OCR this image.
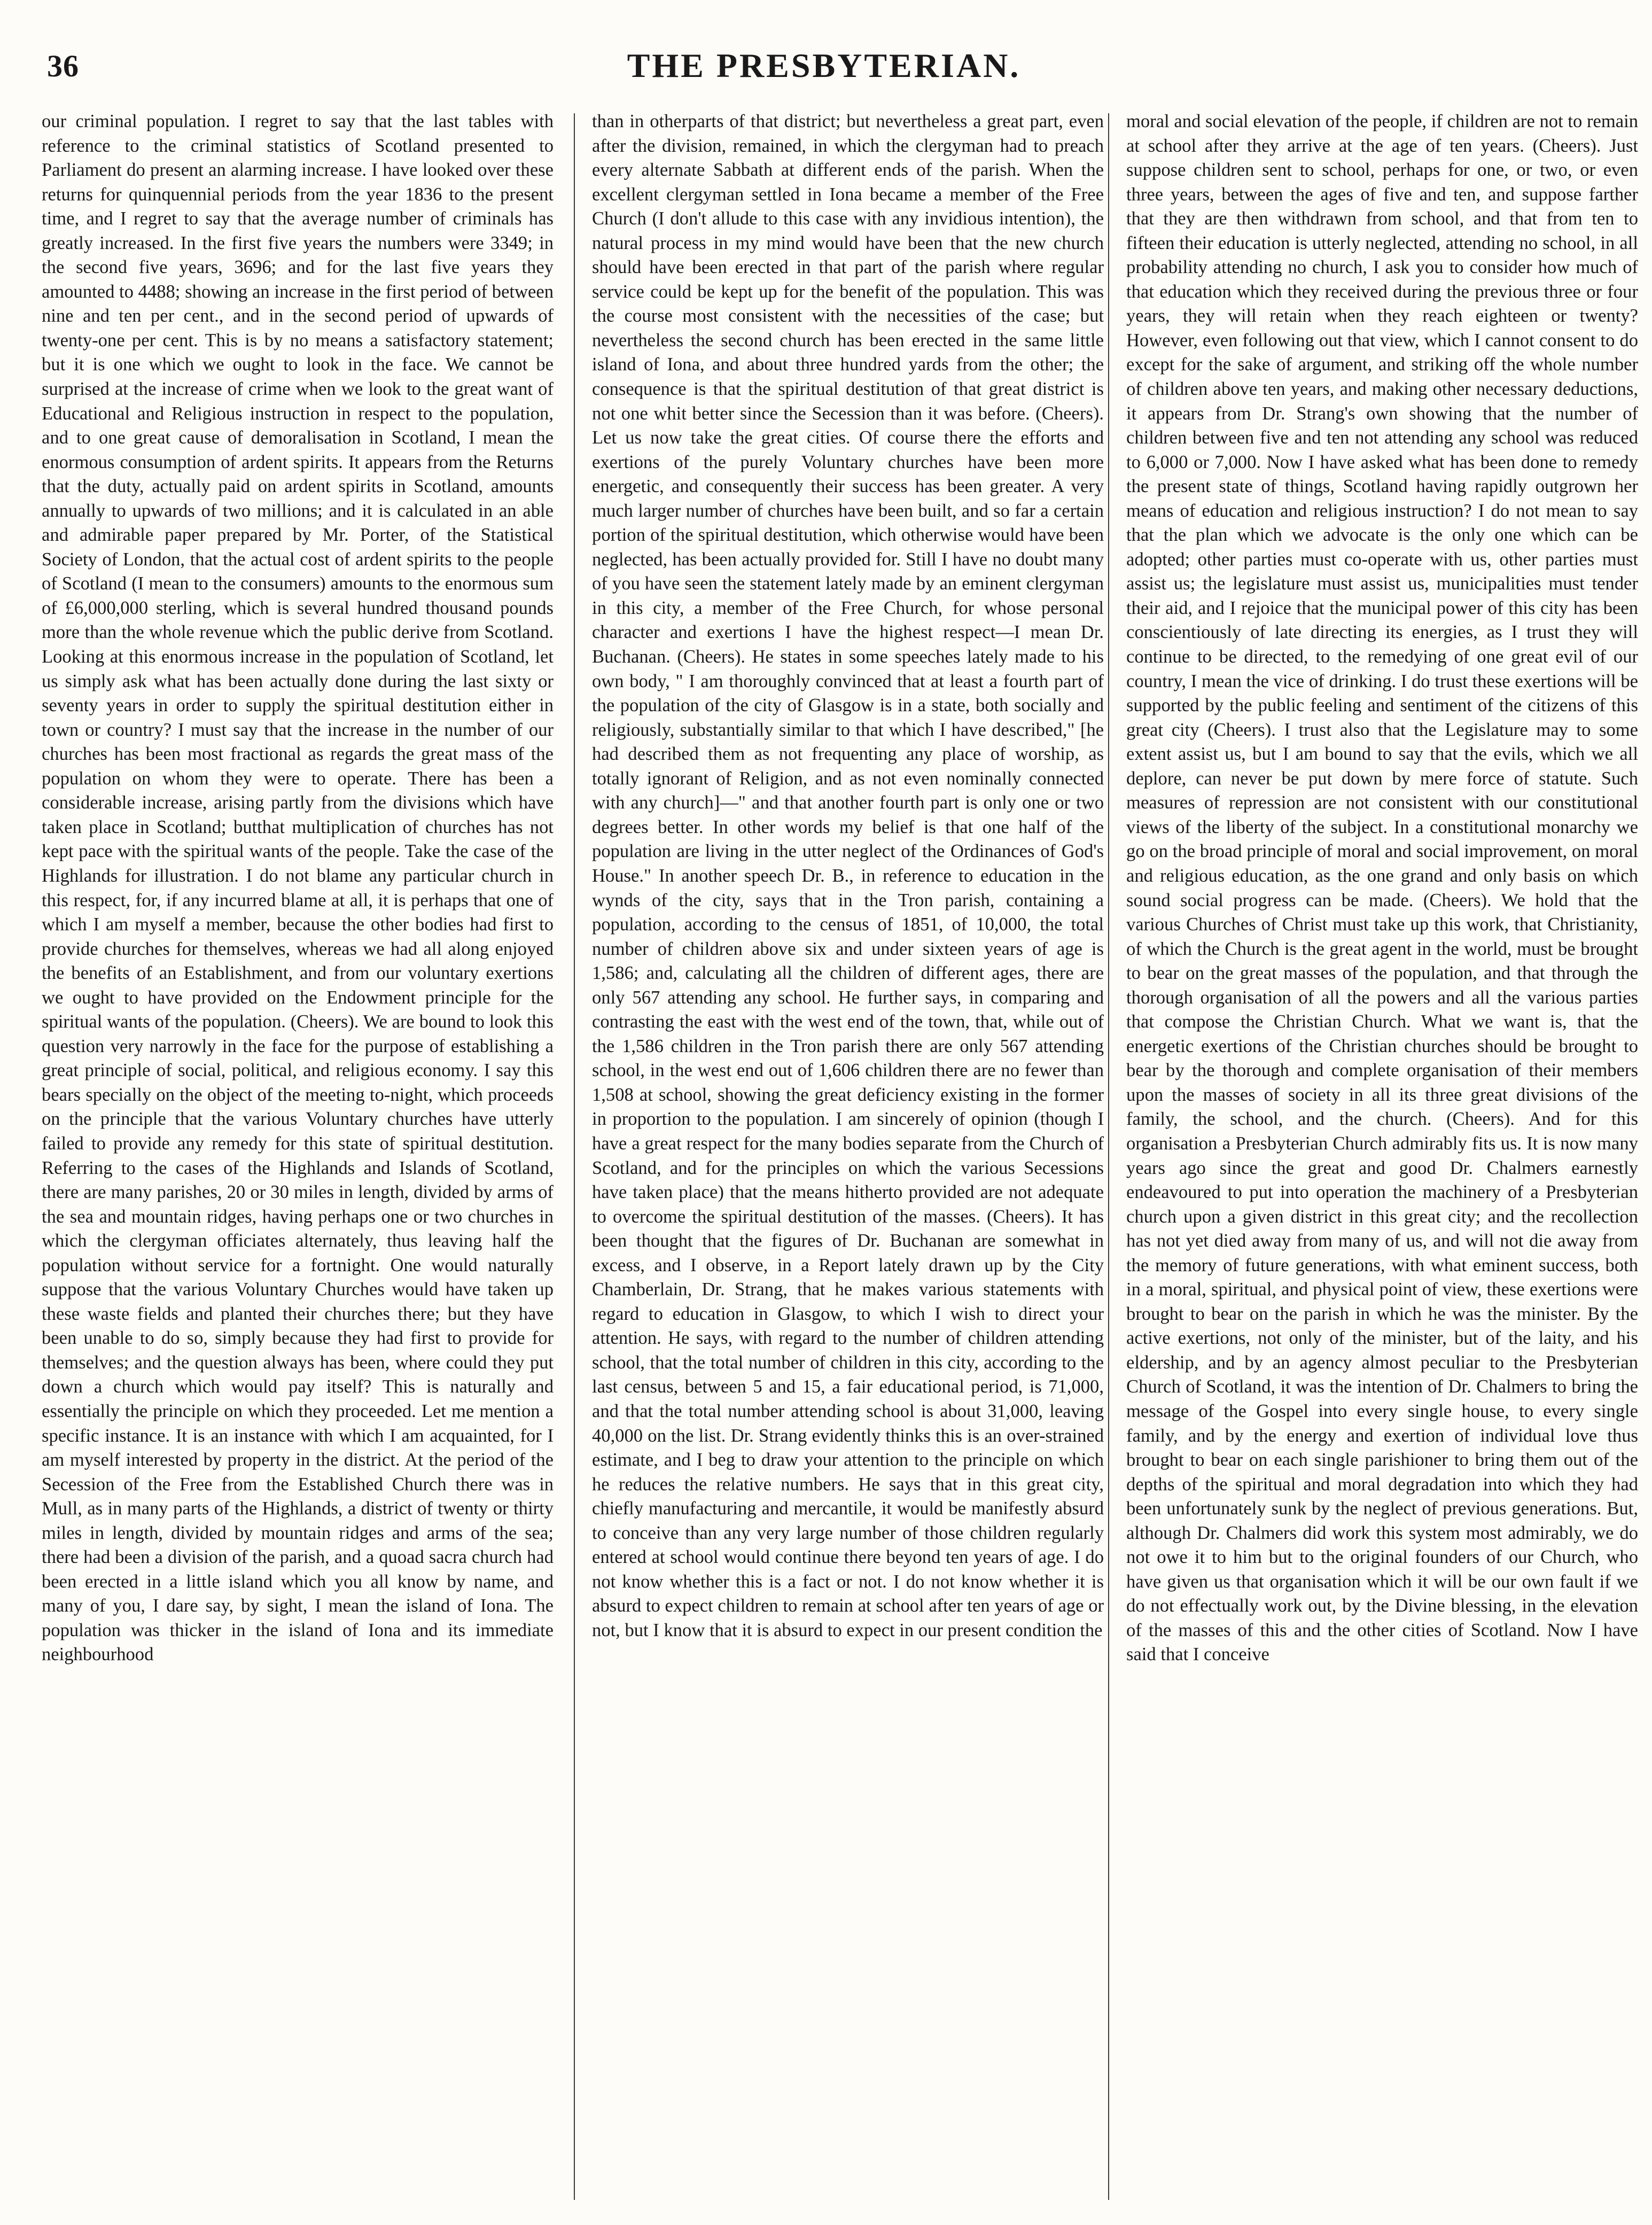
36	THE PRESBYTERIAN.

our criminal population. I regret to say that the last tables with reference to the criminal statistics of Scotland presented to Parliament do present an alarming increase. I have looked over these returns for quinquennial periods from the year 1836 to the present time, and I regret to say that the average number of criminals has greatly increased. In the first five years the numbers were 3349; in the second five years, 3696; and for the last five years they amounted to 4488; showing an increase in the first period of between nine and ten per cent., and in the second period of upwards of twenty-one per cent. This is by no means a satisfactory statement; but it is one which we ought to look in the face. We cannot be surprised at the increase of crime when we look to the great want of Educational and Religious instruction in respect to the population, and to one great cause of demoralisation in Scotland, I mean the enormous consumption of ardent spirits. It appears from the Returns that the duty, actually paid on ardent spirits in Scotland, amounts annually to upwards of two millions; and it is calculated in an able and admirable paper prepared by Mr. Porter, of the Statistical Society of London, that the actual cost of ardent spirits to the people of Scotland (I mean to the consumers) amounts to the enormous sum of £6,000,000 sterling, which is several hundred thousand pounds more than the whole revenue which the public derive from Scotland. Looking at this enormous increase in the population of Scotland, let us simply ask what has been actually done during the last sixty or seventy years in order to supply the spiritual destitution either in town or country? I must say that the increase in the number of our churches has been most fractional as regards the great mass of the population on whom they were to operate. There has been a considerable increase, arising partly from the divisions which have taken place in Scotland; butthat multiplication of churches has not kept pace with the spiritual wants of the people. Take the case of the Highlands for illustration. I do not blame any particular church in this respect, for, if any incurred blame at all, it is perhaps that one of which I am myself a member, because the other bodies had first to provide churches for themselves, whereas we had all along enjoyed the benefits of an Establishment, and from our voluntary exertions we ought to have provided on the Endowment principle for the spiritual wants of the population. (Cheers). We are bound to look this question very narrowly in the face for the purpose of establishing a great principle of social, political, and religious economy. I say this bears specially on the object of the meeting to-night, which proceeds on the principle that the various Voluntary churches have utterly failed to provide any remedy for this state of spiritual destitution. Referring to the cases of the Highlands and Islands of Scotland, there are many parishes, 20 or 30 miles in length, divided by arms of the sea and mountain ridges, having perhaps one or two churches in which the clergyman officiates alternately, thus leaving half the population without service for a fortnight. One would naturally suppose that the various Voluntary Churches would have taken up these waste fields and planted their churches there; but they have been unable to do so, simply because they had first to provide for themselves; and the question always has been, where could they put down a church which would pay itself? This is naturally and essentially the principle on which they proceeded. Let me mention a specific instance. It is an instance with which I am acquainted, for I am myself interested by property in the district. At the period of the Secession of the Free from the Established Church there was in Mull, as in many parts of the Highlands, a district of twenty or thirty miles in length, divided by mountain ridges and arms of the sea; there had been a division of the parish, and a quoad sacra church had been erected in a little island which you all know by name, and many of you, I dare say, by sight, I mean the island of Iona. The population was thicker in the island of Iona and its immediate neighbourhood

than in otherparts of that district; but nevertheless a great part, even after the division, remained, in which the clergyman had to preach every alternate Sabbath at different ends of the parish. When the excellent clergyman settled in Iona became a member of the Free Church (I don't allude to this case with any invidious intention), the natural process in my mind would have been that the new church should have been erected in that part of the parish where regular service could be kept up for the benefit of the population. This was the course most consistent with the necessities of the case; but nevertheless the second church has been erected in the same little island of Iona, and about three hundred yards from the other; the consequence is that the spiritual destitution of that great district is not one whit better since the Secession than it was before. (Cheers). Let us now take the great cities. Of course there the efforts and exertions of the purely Voluntary churches have been more energetic, and consequently their success has been greater. A very much larger number of churches have been built, and so far a certain portion of the spiritual destitution, which otherwise would have been neglected, has been actually provided for. Still I have no doubt many of you have seen the statement lately made by an eminent clergyman in this city, a member of the Free Church, for whose personal character and exertions I have the highest respect—I mean Dr. Buchanan. (Cheers). He states in some speeches lately made to his own body, " I am thoroughly convinced that at least a fourth part of the population of the city of Glasgow is in a state, both socially and religiously, substantially similar to that which I have described," [he had described them as not frequenting any place of worship, as totally ignorant of Religion, and as not even nominally connected with any church]—" and that another fourth part is only one or two degrees better. In other words my belief is that one half of the population are living in the utter neglect of the Ordinances of God's House." In another speech Dr. B., in reference to education in the wynds of the city, says that in the Tron parish, containing a population, according to the census of 1851, of 10,000, the total number of children above six and under sixteen years of age is 1,586; and, calculating all the children of different ages, there are only 567 attending any school. He further says, in comparing and contrasting the east with the west end of the town, that, while out of the 1,586 children in the Tron parish there are only 567 attending school, in the west end out of 1,606 children there are no fewer than 1,508 at school, showing the great deficiency existing in the former in proportion to the population. I am sincerely of opinion (though I have a great respect for the many bodies separate from the Church of Scotland, and for the principles on which the various Secessions have taken place) that the means hitherto provided are not adequate to overcome the spiritual destitution of the masses. (Cheers). It has been thought that the figures of Dr. Buchanan are somewhat in excess, and I observe, in a Report lately drawn up by the City Chamberlain, Dr. Strang, that he makes various statements with regard to education in Glasgow, to which I wish to direct your attention. He says, with regard to the number of children attending school, that the total number of children in this city, according to the last census, between 5 and 15, a fair educational period, is 71,000, and that the total number attending school is about 31,000, leaving 40,000 on the list. Dr. Strang evidently thinks this is an over-strained estimate, and I beg to draw your attention to the principle on which he reduces the relative numbers. He says that in this great city, chiefly manufacturing and mercantile, it would be manifestly absurd to conceive than any very large number of those children regularly entered at school would continue there beyond ten years of age. I do not know whether this is a fact or not. I do not know whether it is absurd to expect children to remain at school after ten years of age or not, but I know that it is absurd to expect in our present condition the

moral and social elevation of the people, if children are not to remain at school after they arrive at the age of ten years. (Cheers). Just suppose children sent to school, perhaps for one, or two, or even three years, between the ages of five and ten, and suppose farther that they are then withdrawn from school, and that from ten to fifteen their education is utterly neglected, attending no school, in all probability attending no church, I ask you to consider how much of that education which they received during the previous three or four years, they will retain when they reach eighteen or twenty? However, even following out that view, which I cannot consent to do except for the sake of argument, and striking off the whole number of children above ten years, and making other necessary deductions, it appears from Dr. Strang's own showing that the number of children between five and ten not attending any school was reduced to 6,000 or 7,000. Now I have asked what has been done to remedy the present state of things, Scotland having rapidly outgrown her means of education and religious instruction? I do not mean to say that the plan which we advocate is the only one which can be adopted; other parties must co-operate with us, other parties must assist us; the legislature must assist us, municipalities must tender their aid, and I rejoice that the municipal power of this city has been conscientiously of late directing its energies, as I trust they will continue to be directed, to the remedying of one great evil of our country, I mean the vice of drinking. I do trust these exertions will be supported by the public feeling and sentiment of the citizens of this great city (Cheers). I trust also that the Legislature may to some extent assist us, but I am bound to say that the evils, which we all deplore, can never be put down by mere force of statute. Such measures of repression are not consistent with our constitutional views of the liberty of the subject. In a constitutional monarchy we go on the broad principle of moral and social improvement, on moral and religious education, as the one grand and only basis on which sound social progress can be made. (Cheers). We hold that the various Churches of Christ must take up this work, that Christianity, of which the Church is the great agent in the world, must be brought to bear on the great masses of the population, and that through the thorough organisation of all the powers and all the various parties that compose the Christian Church. What we want is, that the energetic exertions of the Christian churches should be brought to bear by the thorough and complete organisation of their members upon the masses of society in all its three great divisions of the family, the school, and the church. (Cheers). And for this organisation a Presbyterian Church admirably fits us. It is now many years ago since the great and good Dr. Chalmers earnestly endeavoured to put into operation the machinery of a Presbyterian church upon a given district in this great city; and the recollection has not yet died away from many of us, and will not die away from the memory of future generations, with what eminent success, both in a moral, spiritual, and physical point of view, these exertions were brought to bear on the parish in which he was the minister. By the active exertions, not only of the minister, but of the laity, and his eldership, and by an agency almost peculiar to the Presbyterian Church of Scotland, it was the intention of Dr. Chalmers to bring the message of the Gospel into every single house, to every single family, and by the energy and exertion of individual love thus brought to bear on each single parishioner to bring them out of the depths of the spiritual and moral degradation into which they had been unfortunately sunk by the neglect of previous generations. But, although Dr. Chalmers did work this system most admirably, we do not owe it to him but to the original founders of our Church, who have given us that organisation which it will be our own fault if we do not effectually work out, by the Divine blessing, in the elevation of the masses of this and the other cities of Scotland. Now I have said that I conceive
